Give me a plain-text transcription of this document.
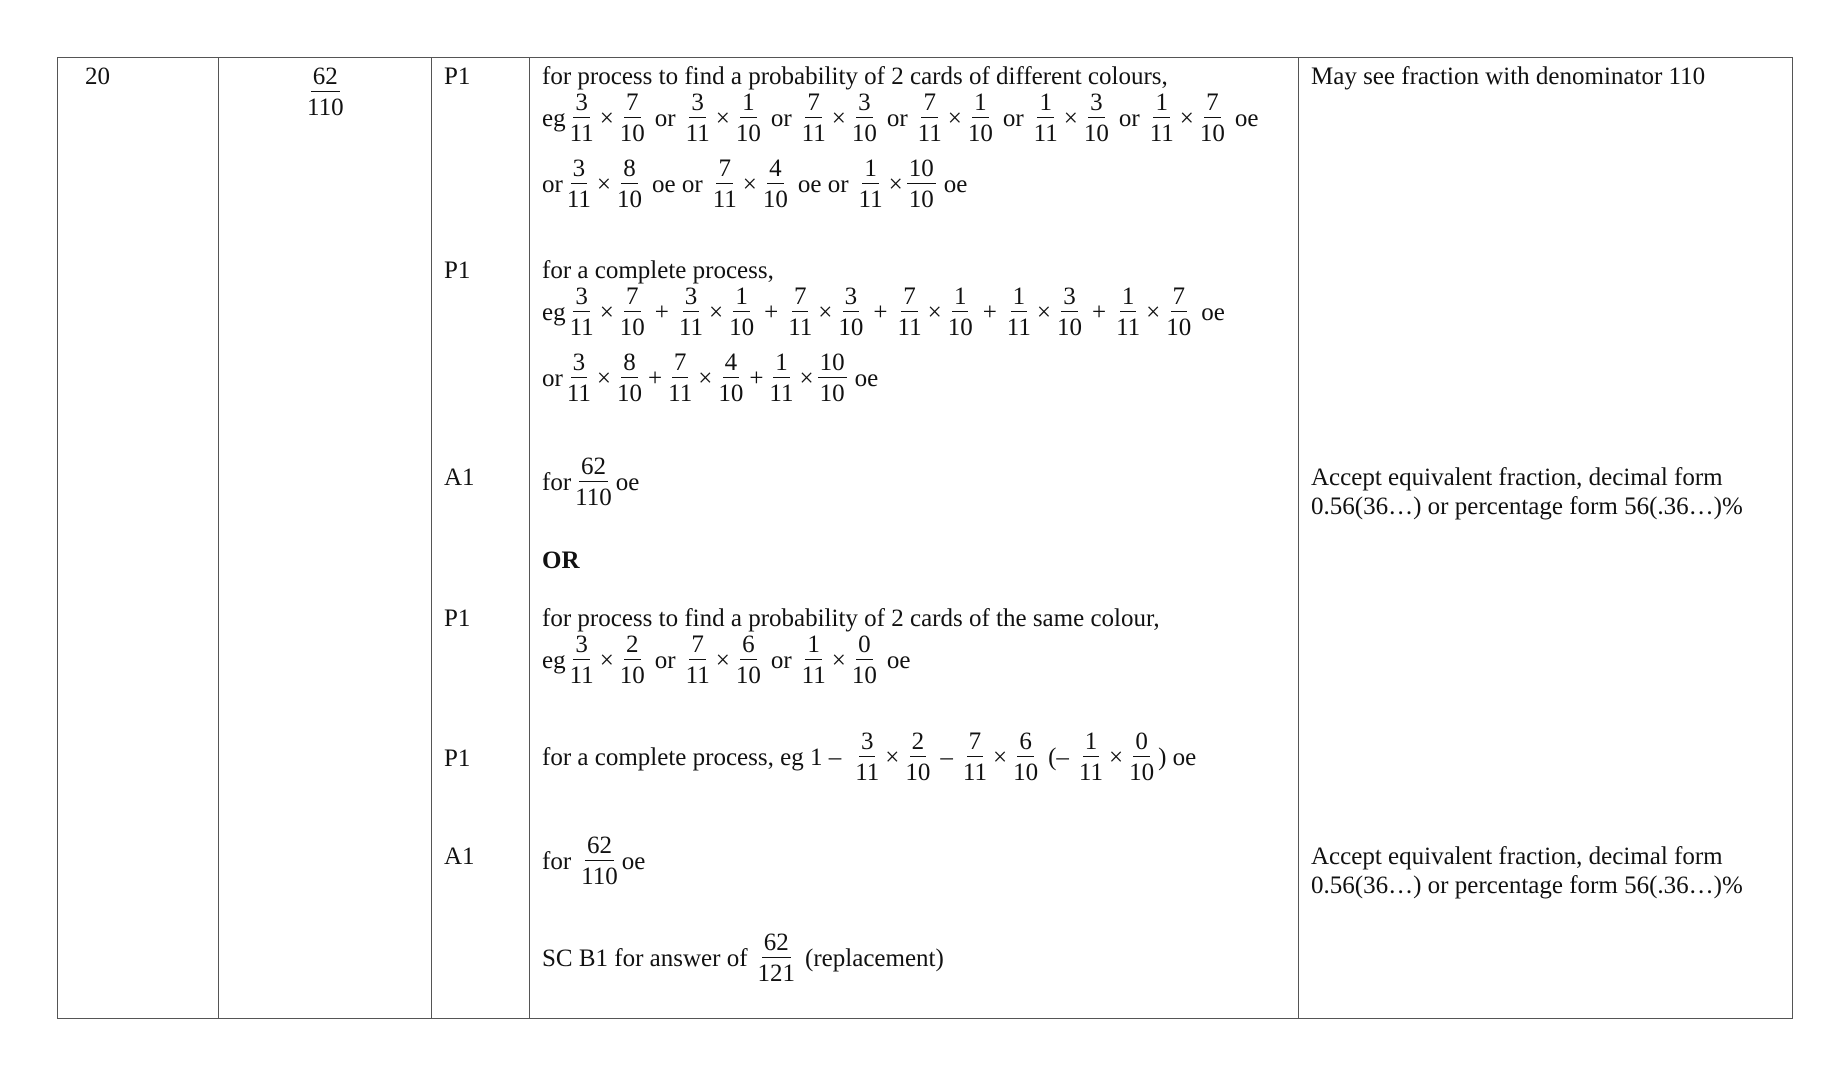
20	$\frac{62}{110}$	P1
P1
A1
P1
P1
A1
for process to find a probability of 2 cards of different colours,
eg $\frac{3}{11} \times \frac{7}{10}$ or $\frac{3}{11} \times \frac{1}{10}$ or $\frac{7}{11} \times \frac{3}{10}$ or $\frac{7}{11} \times \frac{1}{10}$ or $\frac{1}{11} \times \frac{3}{10}$ or $\frac{1}{11} \times \frac{7}{10}$ oe
or $\frac{3}{11} \times \frac{8}{10}$ oe or $\frac{7}{11} \times \frac{4}{10}$ oe or $\frac{1}{11} \times \frac{10}{10}$ oe
for a complete process,
eg $\frac{3}{11} \times \frac{7}{10} + \frac{3}{11} \times \frac{1}{10} + \frac{7}{11} \times \frac{3}{10} + \frac{7}{11} \times \frac{1}{10} + \frac{1}{11} \times \frac{3}{10} + \frac{1}{11} \times \frac{7}{10}$ oe
or $\frac{3}{11} \times \frac{8}{10} + \frac{7}{11} \times \frac{4}{10} + \frac{1}{11} \times \frac{10}{10}$ oe
for $\frac{62}{110}$ oe
OR
for process to find a probability of 2 cards of the same colour,
eg $\frac{3}{11} \times \frac{2}{10}$ or $\frac{7}{11} \times \frac{6}{10}$ or $\frac{1}{11} \times \frac{0}{10}$ oe
for a complete process, eg $1 - \frac{3}{11} \times \frac{2}{10} - \frac{7}{11} \times \frac{6}{10}$ (– $\frac{1}{11} \times \frac{0}{10}$ ) oe
for $\frac{62}{110}$ oe
SC B1 for answer of $\frac{62}{121}$ (replacement)
May see fraction with denominator 110
Accept equivalent fraction, decimal form
0.56(36…) or percentage form 56(.36…)%
Accept equivalent fraction, decimal form
0.56(36…) or percentage form 56(.36…)%
